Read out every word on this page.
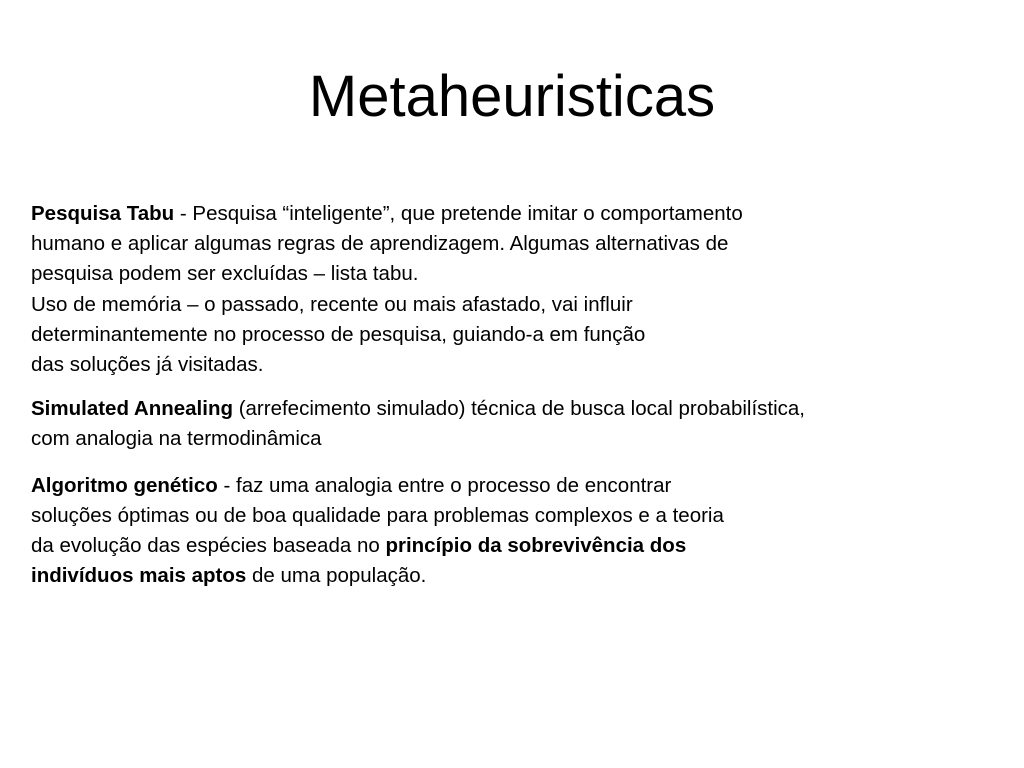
Metaheuristicas

Pesquisa Tabu - Pesquisa “inteligente”, que pretende imitar o comportamento
humano e aplicar algumas regras de aprendizagem. Algumas alternativas de
pesquisa podem ser excluídas – lista tabu.
Uso de memória – o passado, recente ou mais afastado, vai influir
determinantemente no processo de pesquisa, guiando-a em função
das soluções já visitadas.

Simulated Annealing (arrefecimento simulado) técnica de busca local probabilística,
com analogia na termodinâmica

Algoritmo genético - faz uma analogia entre o processo de encontrar
soluções óptimas ou de boa qualidade para problemas complexos e a teoria
da evolução das espécies baseada no princípio da sobrevivência dos
indivíduos mais aptos de uma população.
